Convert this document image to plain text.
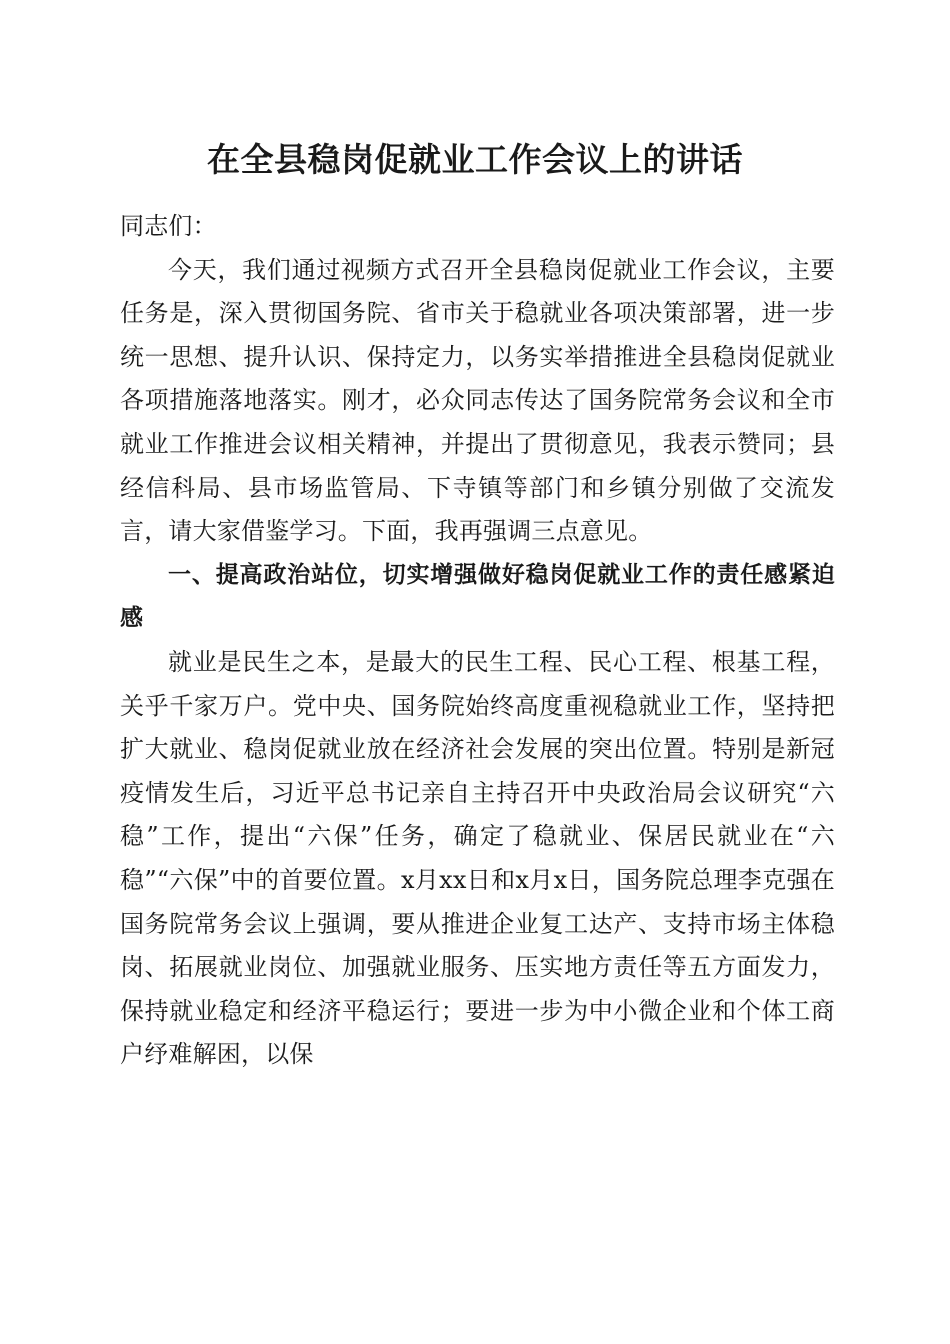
在全县稳岗促就业工作会议上的讲话

同志们：

今天，我们通过视频方式召开全县稳岗促就业工作会议，主要任务是，深入贯彻国务院、省市关于稳就业各项决策部署，进一步统一思想、提升认识、保持定力，以务实举措推进全县稳岗促就业各项措施落地落实。刚才，必众同志传达了国务院常务会议和全市就业工作推进会议相关精神，并提出了贯彻意见，我表示赞同；县经信科局、县市场监管局、下寺镇等部门和乡镇分别做了交流发言，请大家借鉴学习。下面，我再强调三点意见。

一、提高政治站位，切实增强做好稳岗促就业工作的责任感紧迫感

就业是民生之本，是最大的民生工程、民心工程、根基工程，关乎千家万户。党中央、国务院始终高度重视稳就业工作，坚持把扩大就业、稳岗促就业放在经济社会发展的突出位置。特别是新冠疫情发生后，习近平总书记亲自主持召开中央政治局会议研究“六稳”工作，提出“六保”任务，确定了稳就业、保居民就业在“六稳”“六保”中的首要位置。x月xx日和x月x日，国务院总理李克强在国务院常务会议上强调，要从推进企业复工达产、支持市场主体稳岗、拓展就业岗位、加强就业服务、压实地方责任等五方面发力，保持就业稳定和经济平稳运行；要进一步为中小微企业和个体工商户纾难解困，以保
